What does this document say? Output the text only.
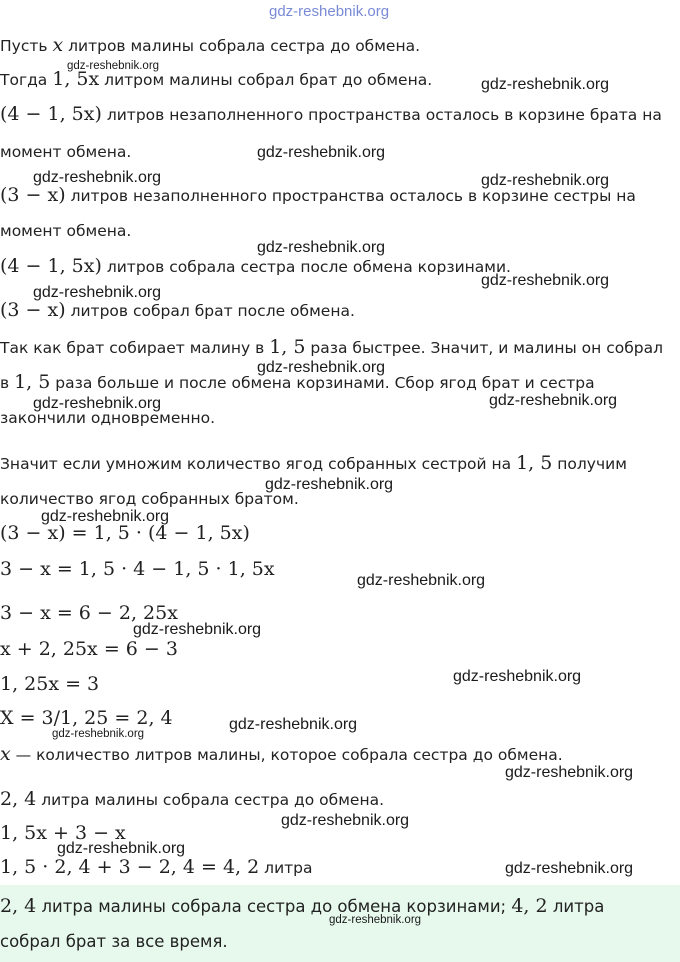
gdz-reshebnik.org
Пусть x литров малины собрала сестра до обмена.
Тогда 1, 5x литром малины собрал брат до обмена.
(4 − 1, 5x) литров незаполненного пространства осталось в корзине брата на
момент обмена.
(3 − x) литров незаполненного пространства осталось в корзине сестры на
момент обмена.
(4 − 1, 5x) литров собрала сестра после обмена корзинами.
(3 − x) литров собрал брат после обмена.
Так как брат собирает малину в 1, 5 раза быстрее. Значит, и малины он собрал
в 1, 5 раза больше и после обмена корзинами. Сбор ягод брат и сестра
закончили одновременно.
Значит если умножим количество ягод собранных сестрой на 1, 5 получим
количество ягод собранных братом.
(3 − x) = 1, 5 · (4 − 1, 5x)
3 − x = 1, 5 · 4 − 1, 5 · 1, 5x
3 − x = 6 − 2, 25x
x + 2, 25x = 6 − 3
1, 25x = 3
X = 3/1, 25 = 2, 4
x — количество литров малины, которое собрала сестра до обмена.
2, 4 литра малины собрала сестра до обмена.
1, 5x + 3 − x
1, 5 · 2, 4 + 3 − 2, 4 = 4, 2 литра
2, 4 литра малины собрала сестра до обмена корзинами; 4, 2 литра
собрал брат за все время.
gdz-reshebnik.org
gdz-reshebnik.org
gdz-reshebnik.org
gdz-reshebnik.org	gdz-reshebnik.org
gdz-reshebnik.org
gdz-reshebnik.org
gdz-reshebnik.org
gdz-reshebnik.org
gdz-reshebnik.org
gdz-reshebnik.org
gdz-reshebnik.org
gdz-reshebnik.org
gdz-reshebnik.org
gdz-reshebnik.org
gdz-reshebnik.org
gdz-reshebnik.org
gdz-reshebnik.org
gdz-reshebnik.org
gdz-reshebnik.org
gdz-reshebnik.org
gdz-reshebnik.org
gdz-reshebnik.org
